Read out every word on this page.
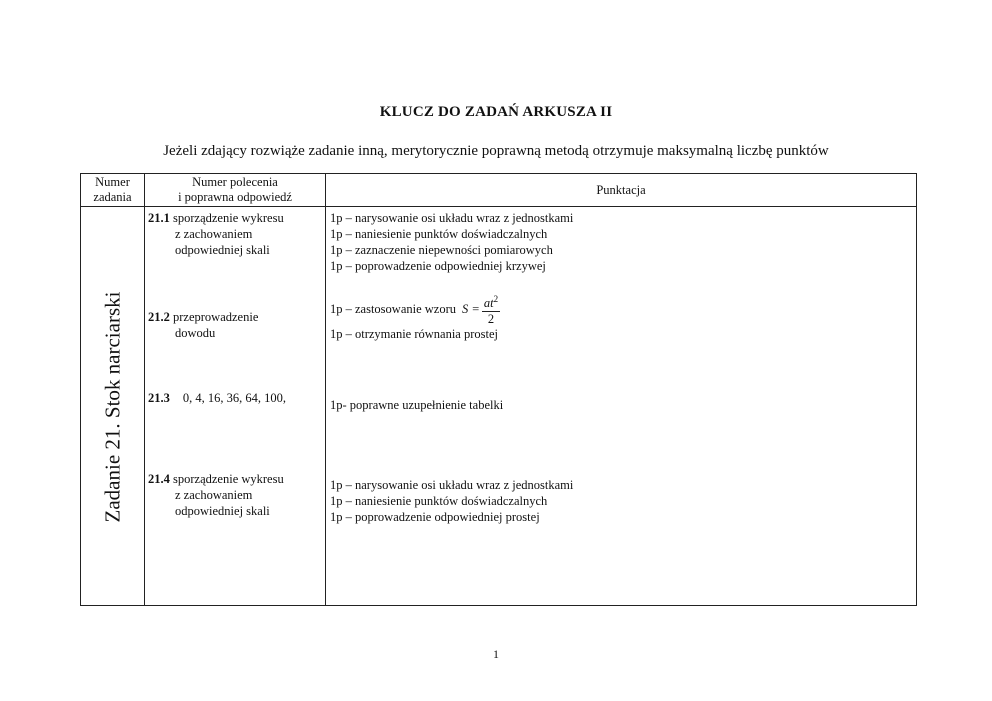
KLUCZ DO ZADAŃ ARKUSZA II
Jeżeli zdający rozwiąże zadanie inną, merytorycznie poprawną metodą otrzymuje maksymalną liczbę punktów
Numer
zadania
Numer polecenia
i poprawna odpowiedź	Punktacja
Zadanie 21. Stok narciarski
21.1 sporządzenie wykresu
z zachowaniem
odpowiedniej skali
1p – narysowanie osi układu wraz z jednostkami
1p – naniesienie punktów doświadczalnych
1p – zaznaczenie niepewności pomiarowych
1p – poprowadzenie odpowiedniej krzywej
21.2 przeprowadzenie
dowodu
1p – zastosowanie wzoru $S = \frac{at^2}{2}$
1p – otrzymanie równania prostej
21.3 0, 4, 16, 36, 64, 100,	1p- poprawne uzupełnienie tabelki
21.4 sporządzenie wykresu
z zachowaniem
odpowiedniej skali
1p – narysowanie osi układu wraz z jednostkami
1p – naniesienie punktów doświadczalnych
1p – poprowadzenie odpowiedniej prostej
1
